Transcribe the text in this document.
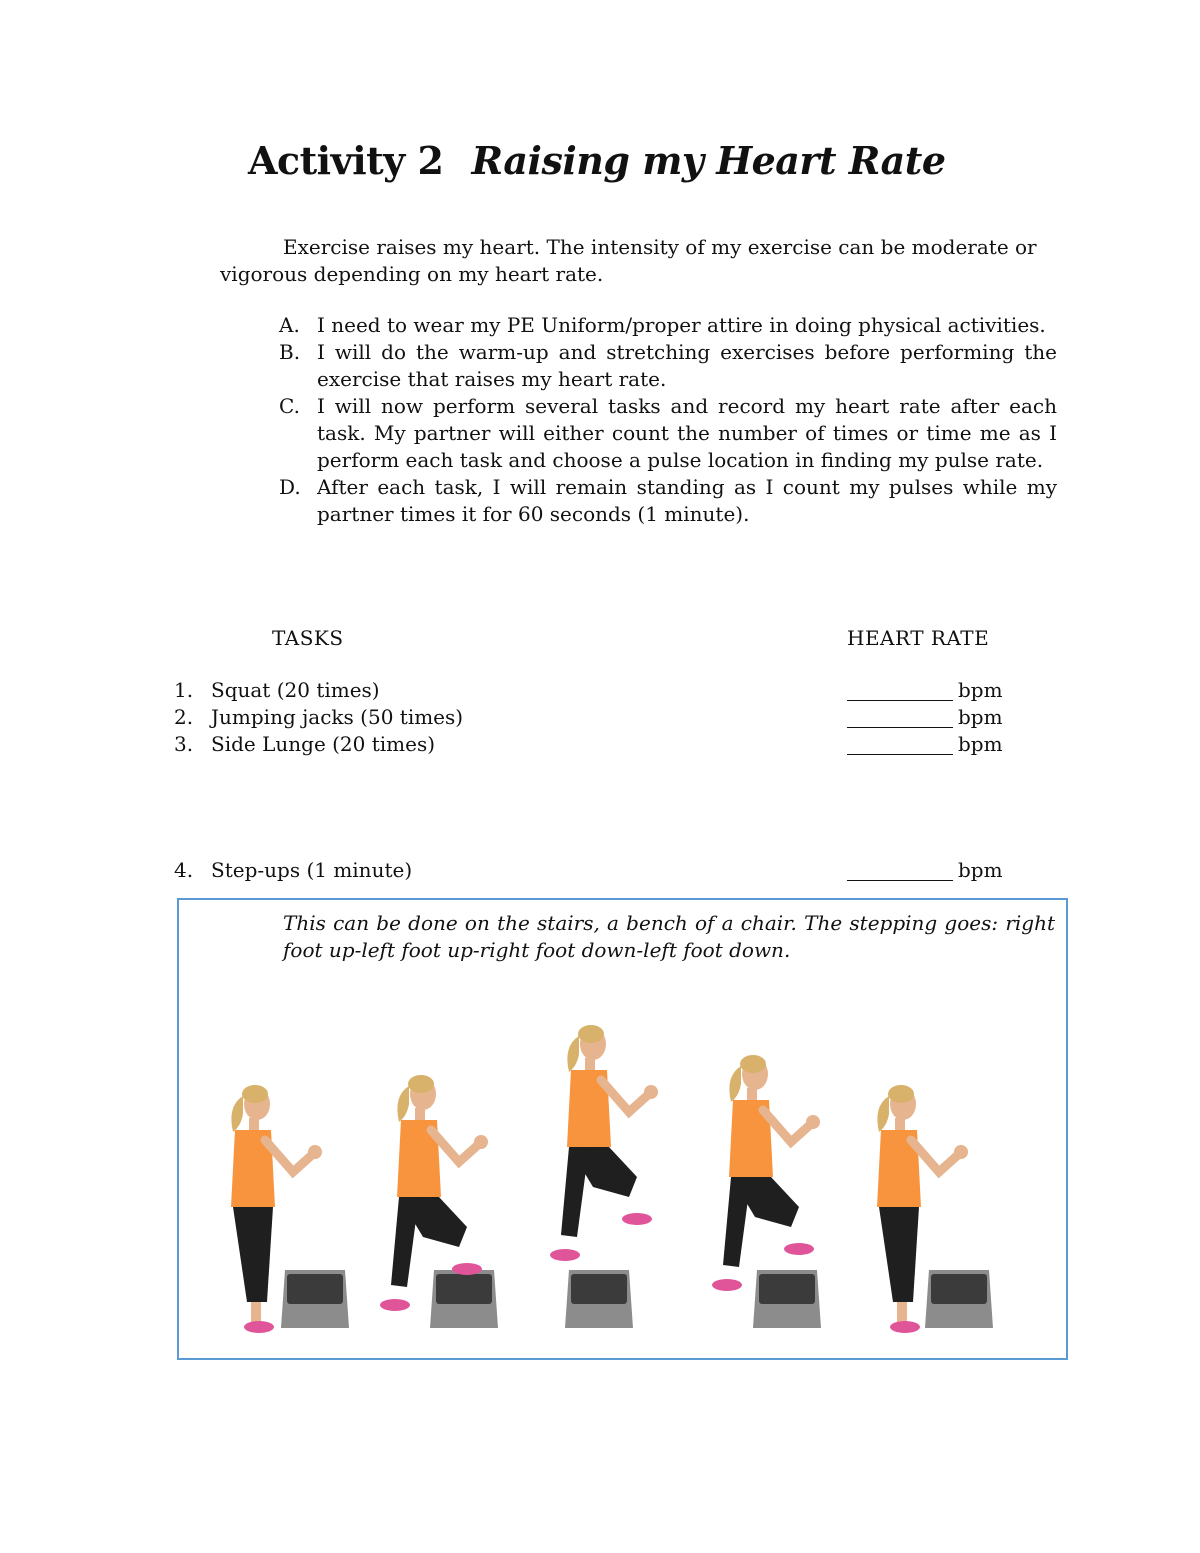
Activity 2 Raising my Heart Rate

Exercise raises my heart. The intensity of my exercise can be moderate or vigorous depending on my heart rate.

A. I need to wear my PE Uniform/proper attire in doing physical activities.
B. I will do the warm-up and stretching exercises before performing the exercise that raises my heart rate.
C. I will now perform several tasks and record my heart rate after each task. My partner will either count the number of times or time me as I perform each task and choose a pulse location in finding my pulse rate.
D. After each task, I will remain standing as I count my pulses while my partner times it for 60 seconds (1 minute).
TASKS	HEART RATE
1. Squat (20 times)	bpm
2. Jumping jacks (50 times)	bpm
3. Side Lunge (20 times)	bpm
4. Step-ups (1 minute)	bpm

This can be done on the stairs, a bench of a chair. The stepping goes: right foot up-left foot up-right foot down-left foot down.
